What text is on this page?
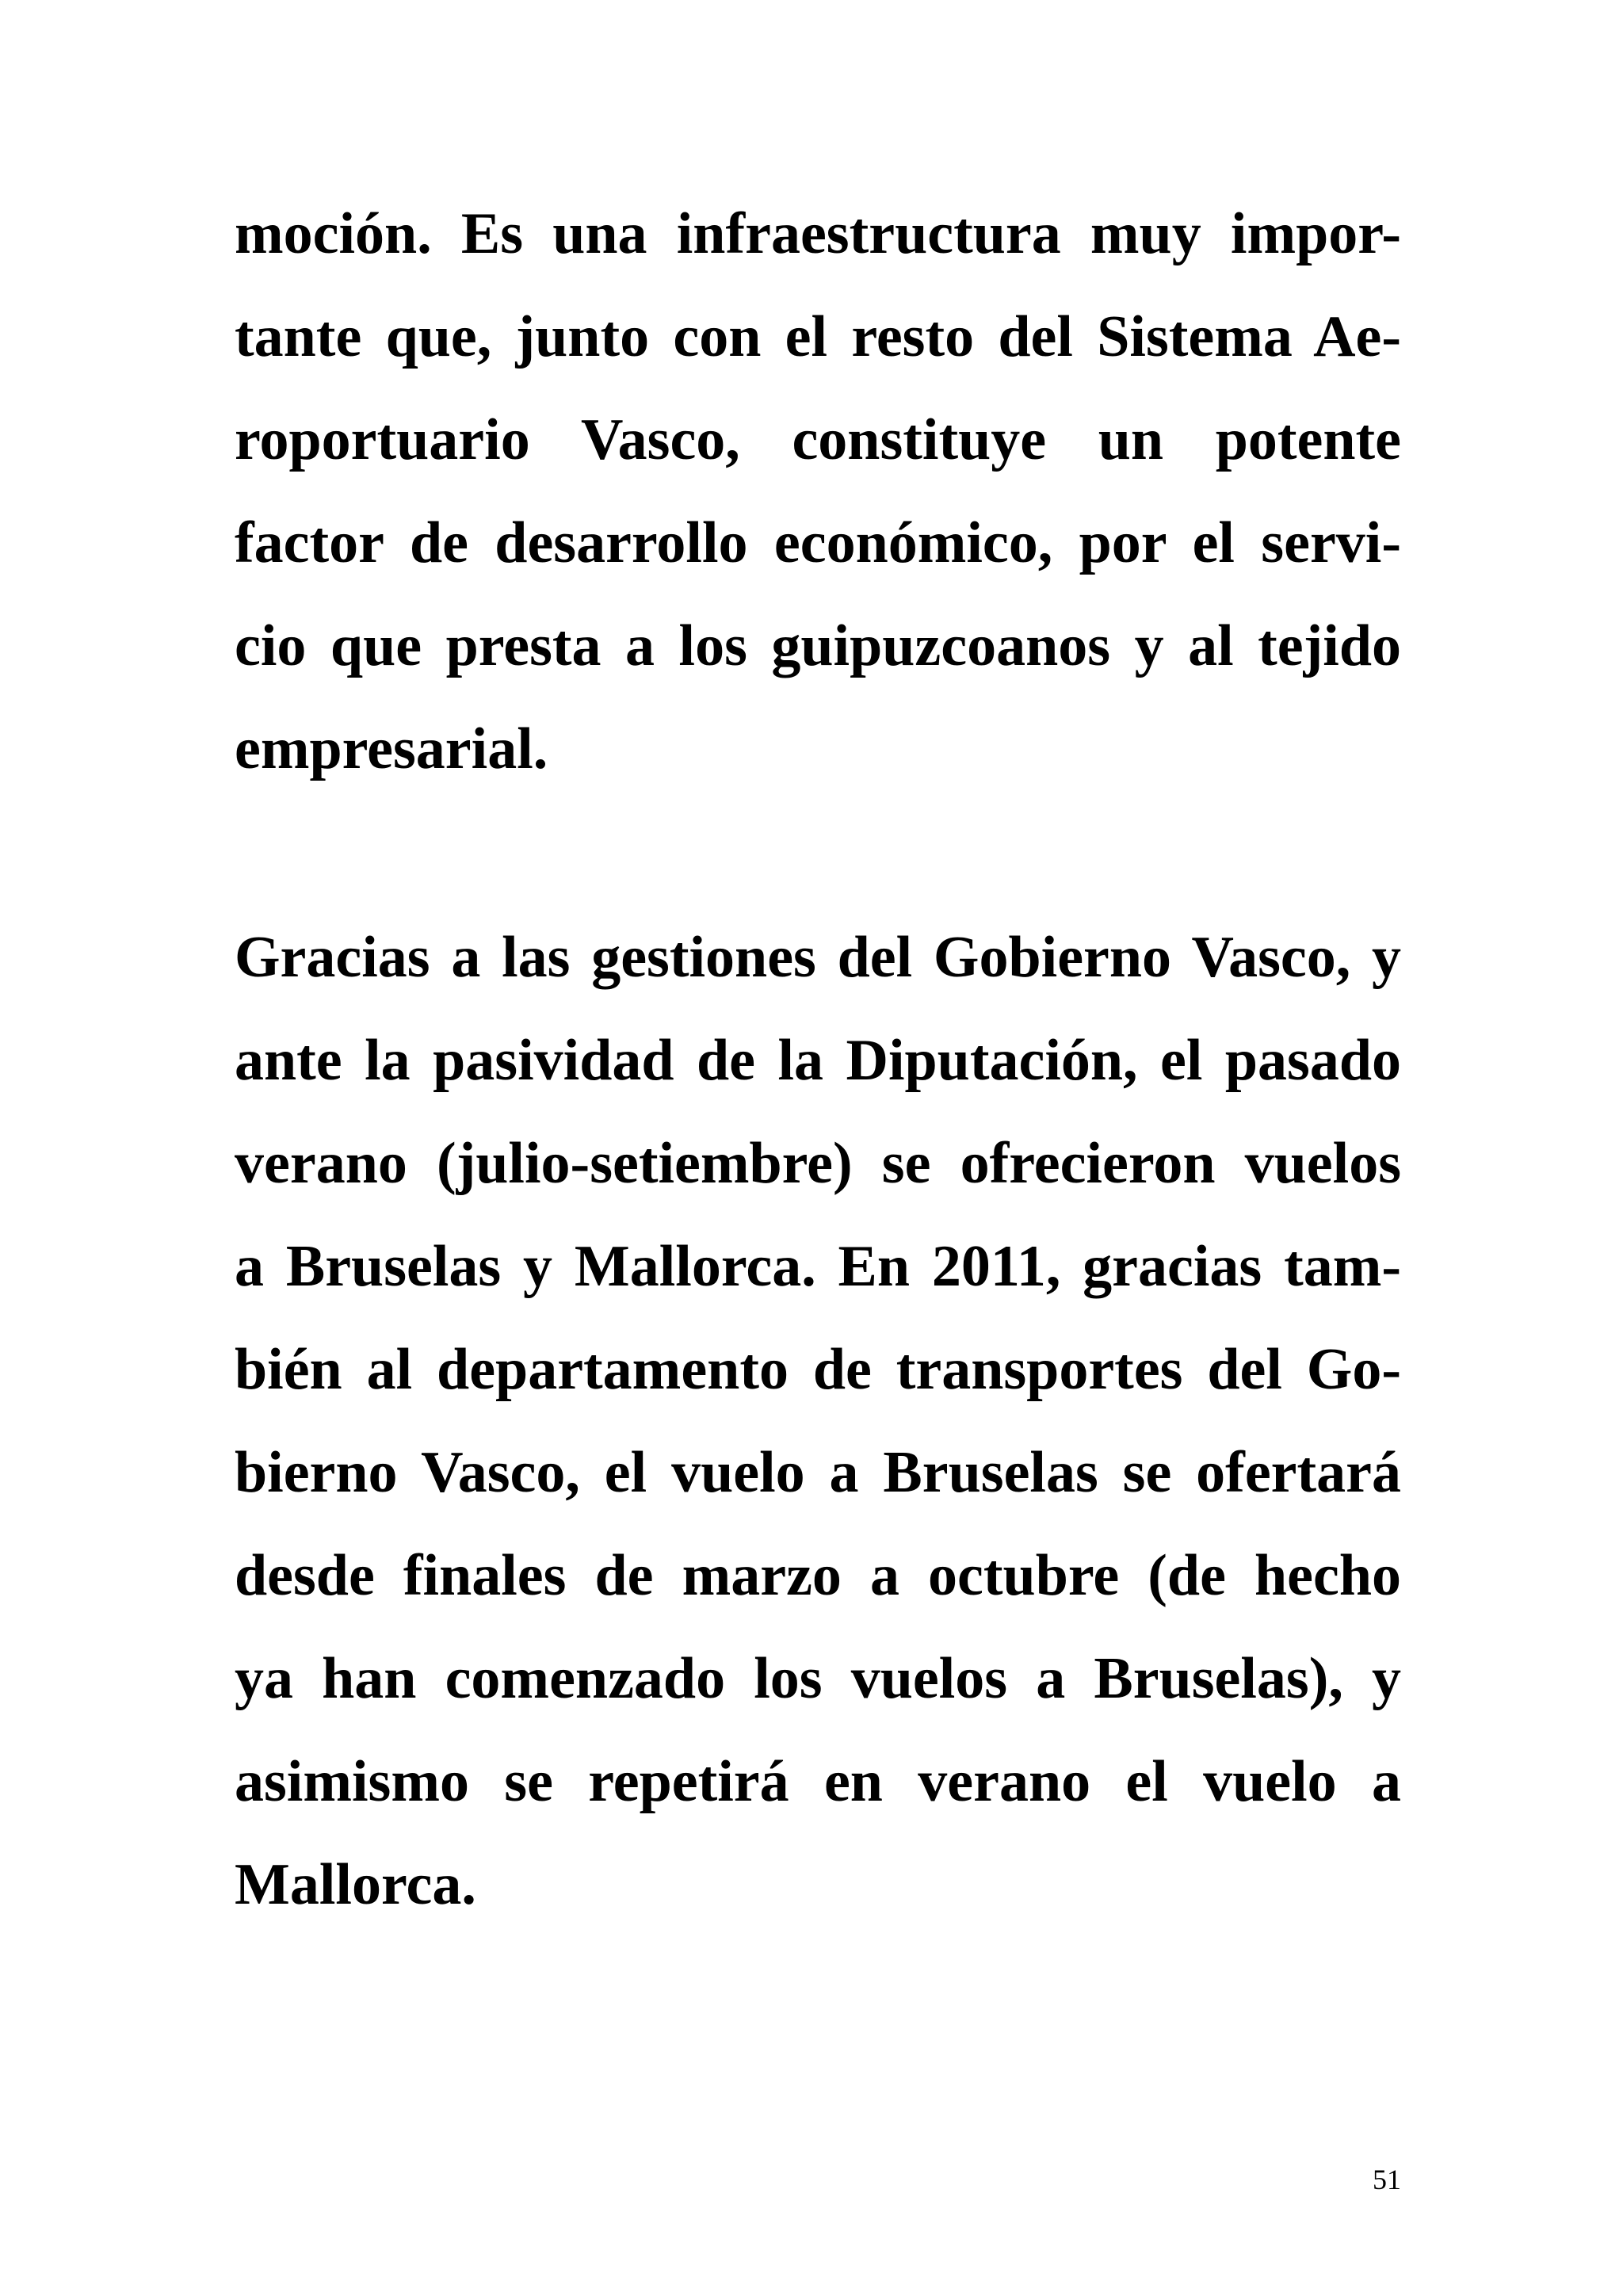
moción. Es una infraestructura muy impor-
tante que, junto con el resto del Sistema Ae-
roportuario Vasco, constituye un potente
factor de desarrollo económico, por el servi-
cio que presta a los guipuzcoanos y al tejido
empresarial.
Gracias a las gestiones del Gobierno Vasco, y
ante la pasividad de la Diputación, el pasado
verano (julio-setiembre) se ofrecieron vuelos
a Bruselas y Mallorca. En 2011, gracias tam-
bién al departamento de transportes del Go-
bierno Vasco, el vuelo a Bruselas se ofertará
desde finales de marzo a octubre (de hecho
ya han comenzado los vuelos a Bruselas), y
asimismo se repetirá en verano el vuelo a
Mallorca.
51
